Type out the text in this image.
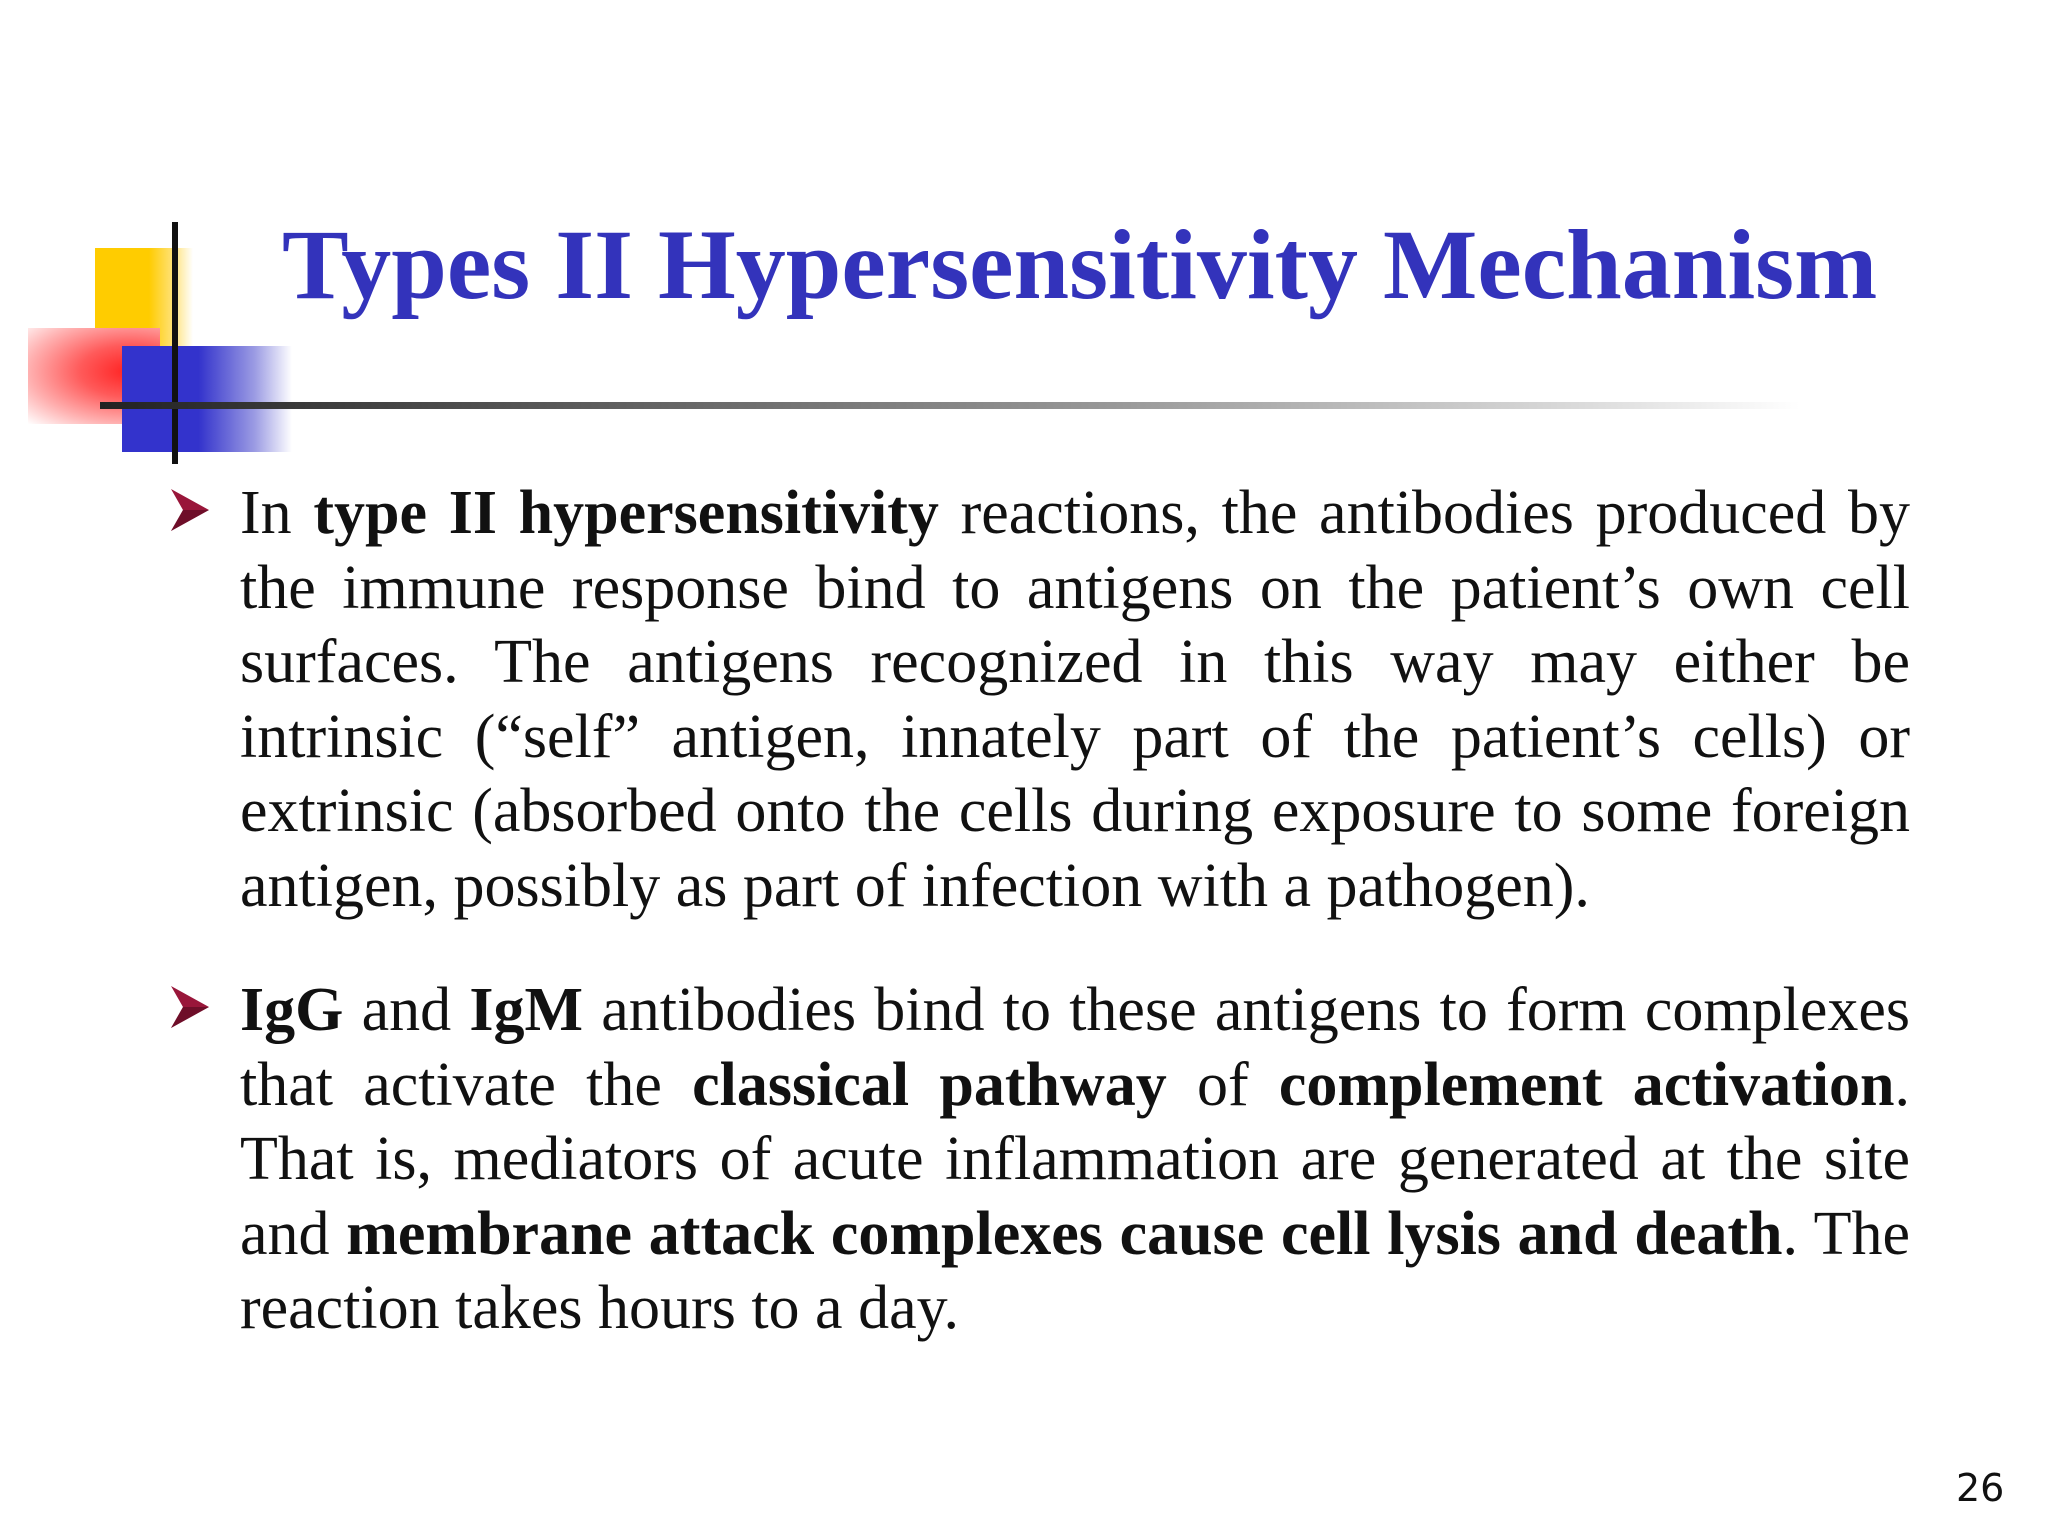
Types II Hypersensitivity Mechanism

In type II hypersensitivity reactions, the antibodies produced by the immune response bind to antigens on the patient’s own cell surfaces. The antigens recognized in this way may either be intrinsic (“self” antigen, innately part of the patient’s cells) or extrinsic (absorbed onto the cells during exposure to some foreign antigen, possibly as part of infection with a pathogen).

IgG and IgM antibodies bind to these antigens to form complexes that activate the classical pathway of complement activation. That is, mediators of acute inflammation are generated at the site and membrane attack complexes cause cell lysis and death. The reaction takes hours to a day.

26
